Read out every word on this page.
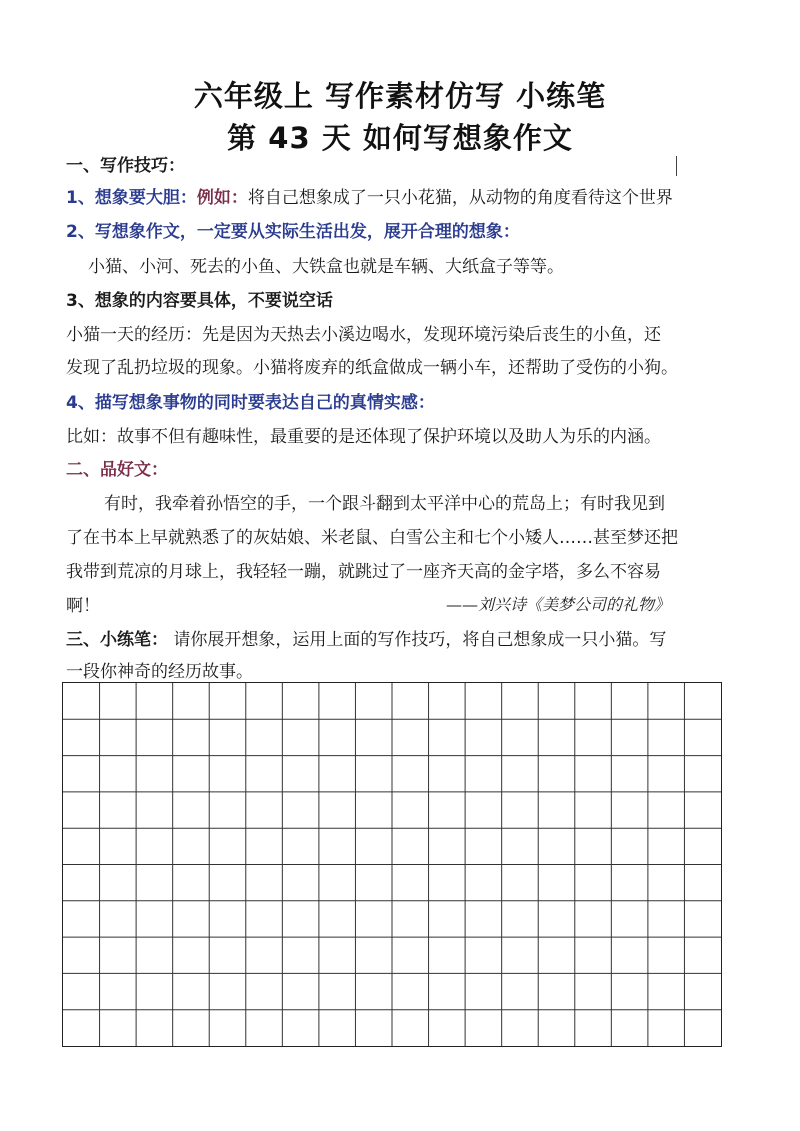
六年级上 写作素材仿写 小练笔
第 43 天 如何写想象作文
一、写作技巧：
1、想象要大胆：例如：将自己想象成了一只小花猫，从动物的角度看待这个世界
2、写想象作文，一定要从实际生活出发，展开合理的想象：
小猫、小河、死去的小鱼、大铁盒也就是车辆、大纸盒子等等。
3、想象的内容要具体，不要说空话
小猫一天的经历：先是因为天热去小溪边喝水，发现环境污染后丧生的小鱼，还
发现了乱扔垃圾的现象。小猫将废弃的纸盒做成一辆小车，还帮助了受伤的小狗。
4、描写想象事物的同时要表达自己的真情实感：
比如：故事不但有趣味性，最重要的是还体现了保护环境以及助人为乐的内涵。
二、品好文：
有时，我牵着孙悟空的手，一个跟斗翻到太平洋中心的荒岛上；有时我见到
了在书本上早就熟悉了的灰姑娘、米老鼠、白雪公主和七个小矮人……甚至梦还把
我带到荒凉的月球上，我轻轻一蹦，就跳过了一座齐天高的金字塔，多么不容易
啊！	——刘兴诗《美梦公司的礼物》
三、小练笔： 请你展开想象，运用上面的写作技巧，将自己想象成一只小猫。写
一段你神奇的经历故事。
